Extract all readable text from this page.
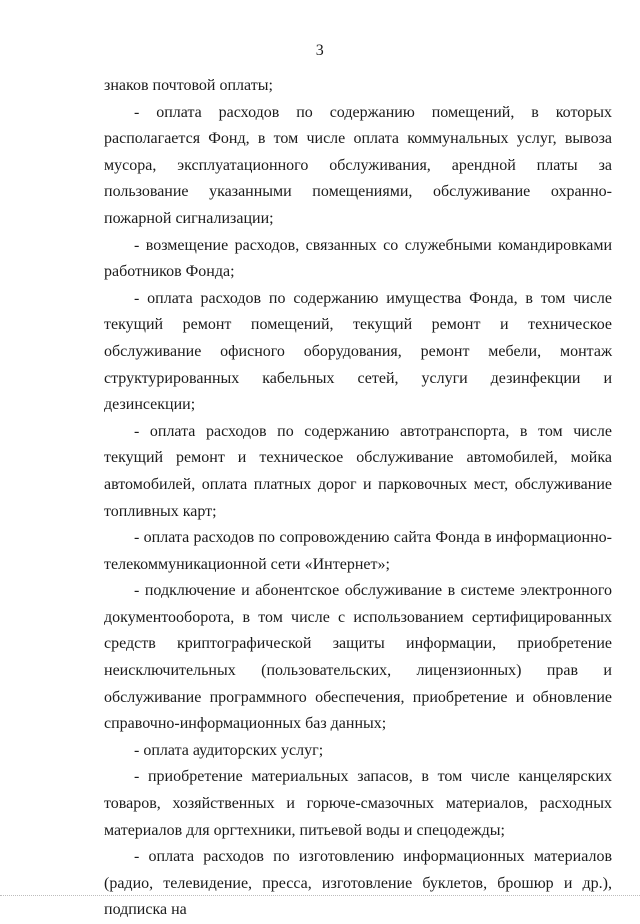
3

знаков почтовой оплаты;

- оплата расходов по содержанию помещений, в которых располагается Фонд, в том числе оплата коммунальных услуг, вывоза мусора, эксплуатационного обслуживания, арендной платы за пользование указанными помещениями, обслуживание охранно-пожарной сигнализации;

- возмещение расходов, связанных со служебными командировками работников Фонда;

- оплата расходов по содержанию имущества Фонда, в том числе текущий ремонт помещений, текущий ремонт и техническое обслуживание офисного оборудования, ремонт мебели, монтаж структурированных кабельных сетей, услуги дезинфекции и дезинсекции;

- оплата расходов по содержанию автотранспорта, в том числе текущий ремонт и техническое обслуживание автомобилей, мойка автомобилей, оплата платных дорог и парковочных мест, обслуживание топливных карт;

- оплата расходов по сопровождению сайта Фонда в информационно-телекоммуникационной сети «Интернет»;

- подключение и абонентское обслуживание в системе электронного документооборота, в том числе с использованием сертифицированных средств криптографической защиты информации, приобретение неисключительных (пользовательских, лицензионных) прав и обслуживание программного обеспечения, приобретение и обновление справочно-информационных баз данных;

- оплата аудиторских услуг;

- приобретение материальных запасов, в том числе канцелярских товаров, хозяйственных и горюче-смазочных материалов, расходных материалов для оргтехники, питьевой воды и спецодежды;

- оплата расходов по изготовлению информационных материалов (радио, телевидение, пресса, изготовление буклетов, брошюр и др.), подписка на
